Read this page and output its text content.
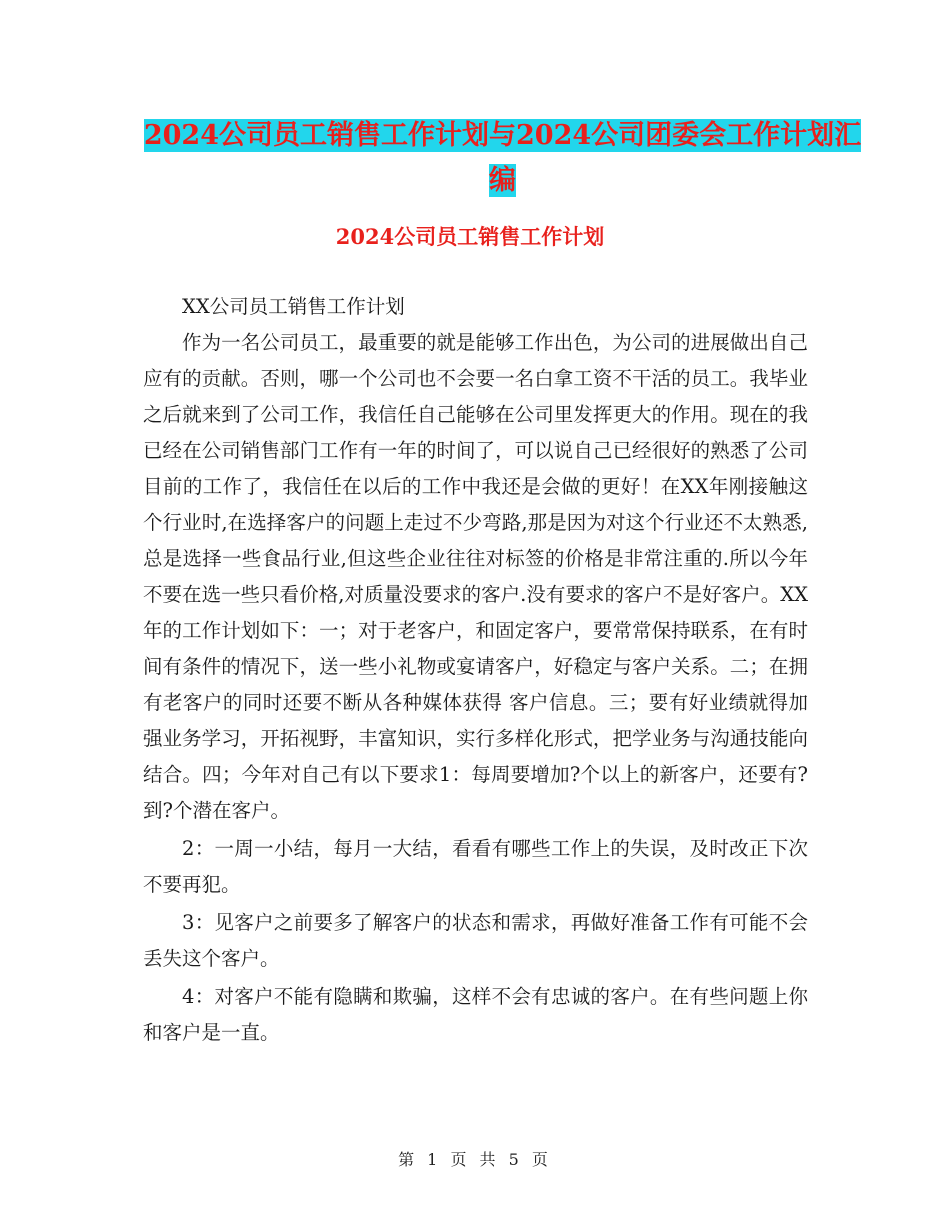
2024公司员工销售工作计划与2024公司团委会工作计划汇编
2024公司员工销售工作计划

XX公司员工销售工作计划

作为一名公司员工，最重要的就是能够工作出色，为公司的进展做出自己应有的贡献。否则，哪一个公司也不会要一名白拿工资不干活的员工。我毕业之后就来到了公司工作，我信任自己能够在公司里发挥更大的作用。现在的我已经在公司销售部门工作有一年的时间了，可以说自己已经很好的熟悉了公司目前的工作了，我信任在以后的工作中我还是会做的更好！在XX年刚接触这个行业时,在选择客户的问题上走过不少弯路,那是因为对这个行业还不太熟悉,总是选择一些食品行业,但这些企业往往对标签的价格是非常注重的.所以今年不要在选一些只看价格,对质量没要求的客户.没有要求的客户不是好客户。XX年的工作计划如下：一；对于老客户，和固定客户，要常常保持联系，在有时间有条件的情况下，送一些小礼物或宴请客户，好稳定与客户关系。二；在拥有老客户的同时还要不断从各种媒体获得 客户信息。三；要有好业绩就得加强业务学习，开拓视野，丰富知识，实行多样化形式，把学业务与沟通技能向结合。四；今年对自己有以下要求1：每周要增加?个以上的新客户，还要有?到?个潜在客户。

2：一周一小结，每月一大结，看看有哪些工作上的失误，及时改正下次不要再犯。

3：见客户之前要多了解客户的状态和需求，再做好准备工作有可能不会丢失这个客户。

4：对客户不能有隐瞒和欺骗，这样不会有忠诚的客户。在有些问题上你和客户是一直。

第 1 页 共 5 页
